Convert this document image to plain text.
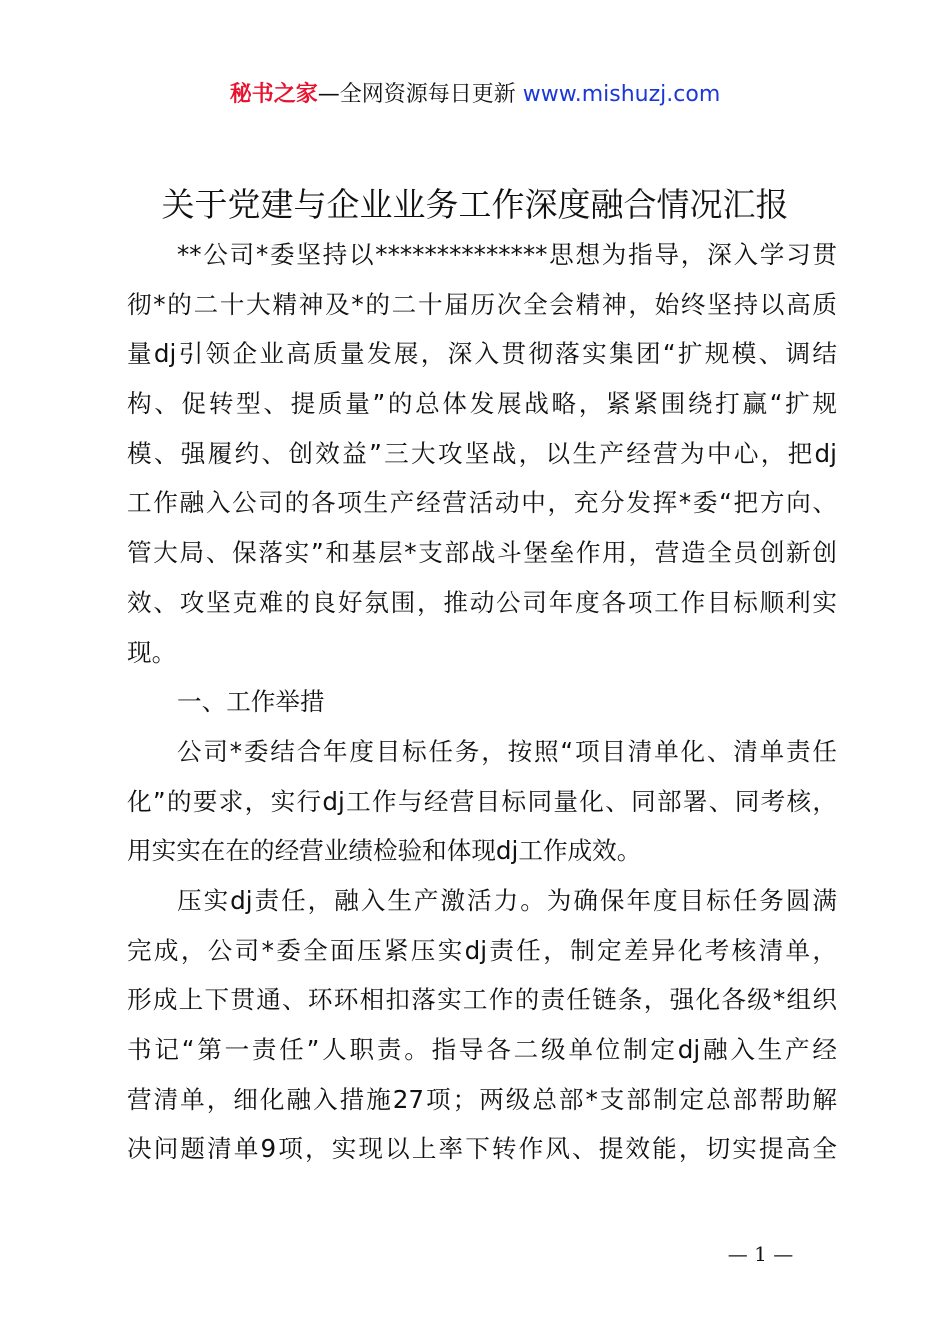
秘书之家—全网资源每日更新 www.mishuzj.com
关于党建与企业业务工作深度融合情况汇报
**公司*委坚持以**************思想为指导，深入学习贯
彻*的二十大精神及*的二十届历次全会精神，始终坚持以高质
量dj引领企业高质量发展，深入贯彻落实集团“扩规模、调结
构、促转型、提质量”的总体发展战略，紧紧围绕打赢“扩规
模、强履约、创效益”三大攻坚战，以生产经营为中心，把dj
工作融入公司的各项生产经营活动中，充分发挥*委“把方向、
管大局、保落实”和基层*支部战斗堡垒作用，营造全员创新创
效、攻坚克难的良好氛围，推动公司年度各项工作目标顺利实
现。
一、工作举措
公司*委结合年度目标任务，按照“项目清单化、清单责任
化”的要求，实行dj工作与经营目标同量化、同部署、同考核，
用实实在在的经营业绩检验和体现dj工作成效。
压实dj责任，融入生产激活力。为确保年度目标任务圆满
完成，公司*委全面压紧压实dj责任，制定差异化考核清单，
形成上下贯通、环环相扣落实工作的责任链条，强化各级*组织
书记“第一责任”人职责。指导各二级单位制定dj融入生产经
营清单，细化融入措施27项；两级总部*支部制定总部帮助解
决问题清单9项，实现以上率下转作风、提效能，切实提高全
— 1 —
